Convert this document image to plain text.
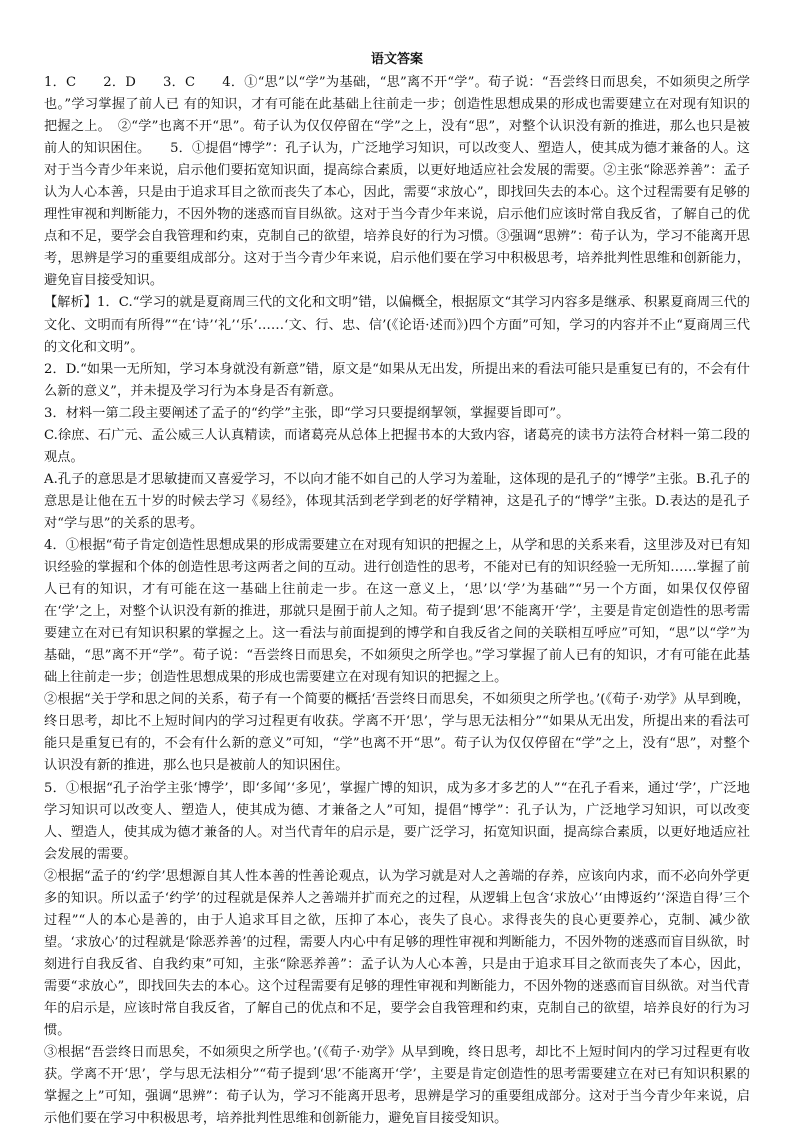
语文答案

1．C　　2．D　　3．C　　4．①“思”以“学”为基础，“思”离不开“学”。荀子说：“吾尝终日而思矣，不如须臾之所学也。”学习掌握了前人已 有的知识，才有可能在此基础上往前走一步；创造性思想成果的形成也需要建立在对现有知识的把握之上。　②“学”也离不开“思”。荀子认为仅仅停留在“学”之上，没有“思”，对整个认识没有新的推进，那么也只是被前人的知识困住。　　5．①提倡“博学”：孔子认为，广泛地学习知识，可以改变人、塑造人，使其成为德才兼备的人。这对于当今青少年来说，启示他们要拓宽知识面，提高综合素质，以更好地适应社会发展的需要。②主张“除恶养善”：孟子认为人心本善，只是由于追求耳目之欲而丧失了本心，因此，需要“求放心”，即找回失去的本心。这个过程需要有足够的理性审视和判断能力，不因外物的迷惑而盲目纵欲。这对于当今青少年来说，启示他们应该时常自我反省，了解自己的优点和不足，要学会自我管理和约束，克制自己的欲望，培养良好的行为习惯。③强调“思辨”：荀子认为，学习不能离开思考，思辨是学习的重要组成部分。这对于当今青少年来说，启示他们要在学习中积极思考，培养批判性思维和创新能力，避免盲目接受知识。

【解析】1．C.“学习的就是夏商周三代的文化和文明”错，以偏概全，根据原文“其学习内容多是继承、积累夏商周三代的文化、文明而有所得”“在‘诗’‘礼’‘乐’……‘文、行、忠、信’(《论语·述而》)四个方面”可知，学习的内容并不止“夏商周三代的文化和文明”。

2．D.“如果一无所知，学习本身就没有新意”错，原文是“如果从无出发，所提出来的看法可能只是重复已有的，不会有什么新的意义”，并未提及学习行为本身是否有新意。

3．材料一第二段主要阐述了孟子的“约学”主张，即“学习只要提纲挈领，掌握要旨即可”。

C.徐庶、石广元、孟公威三人认真精读，而诸葛亮从总体上把握书本的大致内容，诸葛亮的读书方法符合材料一第二段的观点。

A.孔子的意思是才思敏捷而又喜爱学习，不以向才能不如自己的人学习为羞耻，这体现的是孔子的“博学”主张。B.孔子的意思是让他在五十岁的时候去学习《易经》，体现其活到老学到老的好学精神，这是孔子的“博学”主张。D.表达的是孔子对“学与思”的关系的思考。

4．①根据“荀子肯定创造性思想成果的形成需要建立在对现有知识的把握之上，从学和思的关系来看，这里涉及对已有知识经验的掌握和个体的创造性思考这两者之间的互动。进行创造性的思考，不能对已有的知识经验一无所知……掌握了前人已有的知识，才有可能在这一基础上往前走一步。在这一意义上，‘思’以‘学’为基础”“另一个方面，如果仅仅停留在‘学’之上，对整个认识没有新的推进，那就只是囿于前人之知。荀子提到‘思’不能离开‘学’，主要是肯定创造性的思考需要建立在对已有知识积累的掌握之上。这一看法与前面提到的博学和自我反省之间的关联相互呼应”可知，“思”以“学”为基础，“思”离不开“学”。荀子说：“吾尝终日而思矣，不如须臾之所学也。”学习掌握了前人已有的知识，才有可能在此基础上往前走一步；创造性思想成果的形成也需要建立在对现有知识的把握之上。

②根据“关于学和思之间的关系，荀子有一个简要的概括‘吾尝终日而思矣，不如须臾之所学也。’(《荀子·劝学》从早到晚，终日思考，却比不上短时间内的学习过程更有收获。学离不开‘思’，学与思无法相分”“如果从无出发，所提出来的看法可能只是重复已有的，不会有什么新的意义”可知，“学”也离不开“思”。荀子认为仅仅停留在“学”之上，没有“思”，对整个认识没有新的推进，那么也只是被前人的知识困住。

5．①根据“孔子治学主张‘博学’，即‘多闻’‘多见’，掌握广博的知识，成为多才多艺的人”“在孔子看来，通过‘学’，广泛地学习知识可以改变人、塑造人，使其成为德、才兼备之人”可知，提倡“博学”：孔子认为，广泛地学习知识，可以改变人、塑造人，使其成为德才兼备的人。对当代青年的启示是，要广泛学习，拓宽知识面，提高综合素质，以更好地适应社会发展的需要。

②根据“孟子的‘约学’思想源自其人性本善的性善论观点，认为学习就是对人之善端的存养，应该向内求，而不必向外学更多的知识。所以孟子‘约学’的过程就是保养人之善端并扩而充之的过程，从逻辑上包含‘求放心’‘由博返约’‘深造自得’三个过程”“人的本心是善的，由于人追求耳目之欲，压抑了本心，丧失了良心。求得丧失的良心更要养心，克制、减少欲望。‘求放心’的过程就是‘除恶养善’的过程，需要人内心中有足够的理性审视和判断能力，不因外物的迷惑而盲目纵欲，时刻进行自我反省、自我约束”可知，主张“除恶养善”：孟子认为人心本善，只是由于追求耳目之欲而丧失了本心，因此，需要“求放心”，即找回失去的本心。这个过程需要有足够的理性审视和判断能力，不因外物的迷惑而盲目纵欲。对当代青年的启示是，应该时常自我反省，了解自己的优点和不足，要学会自我管理和约束，克制自己的欲望，培养良好的行为习惯。

③根据“吾尝终日而思矣，不如须臾之所学也。’(《荀子·劝学》从早到晚，终日思考，却比不上短时间内的学习过程更有收获。学离不开‘思’，学与思无法相分”“荀子提到‘思’不能离开‘学’，主要是肯定创造性的思考需要建立在对已有知识积累的掌握之上”可知，强调“思辨”：荀子认为，学习不能离开思考，思辨是学习的重要组成部分。这对于当今青少年来说，启示他们要在学习中积极思考，培养批判性思维和创新能力，避免盲目接受知识。
